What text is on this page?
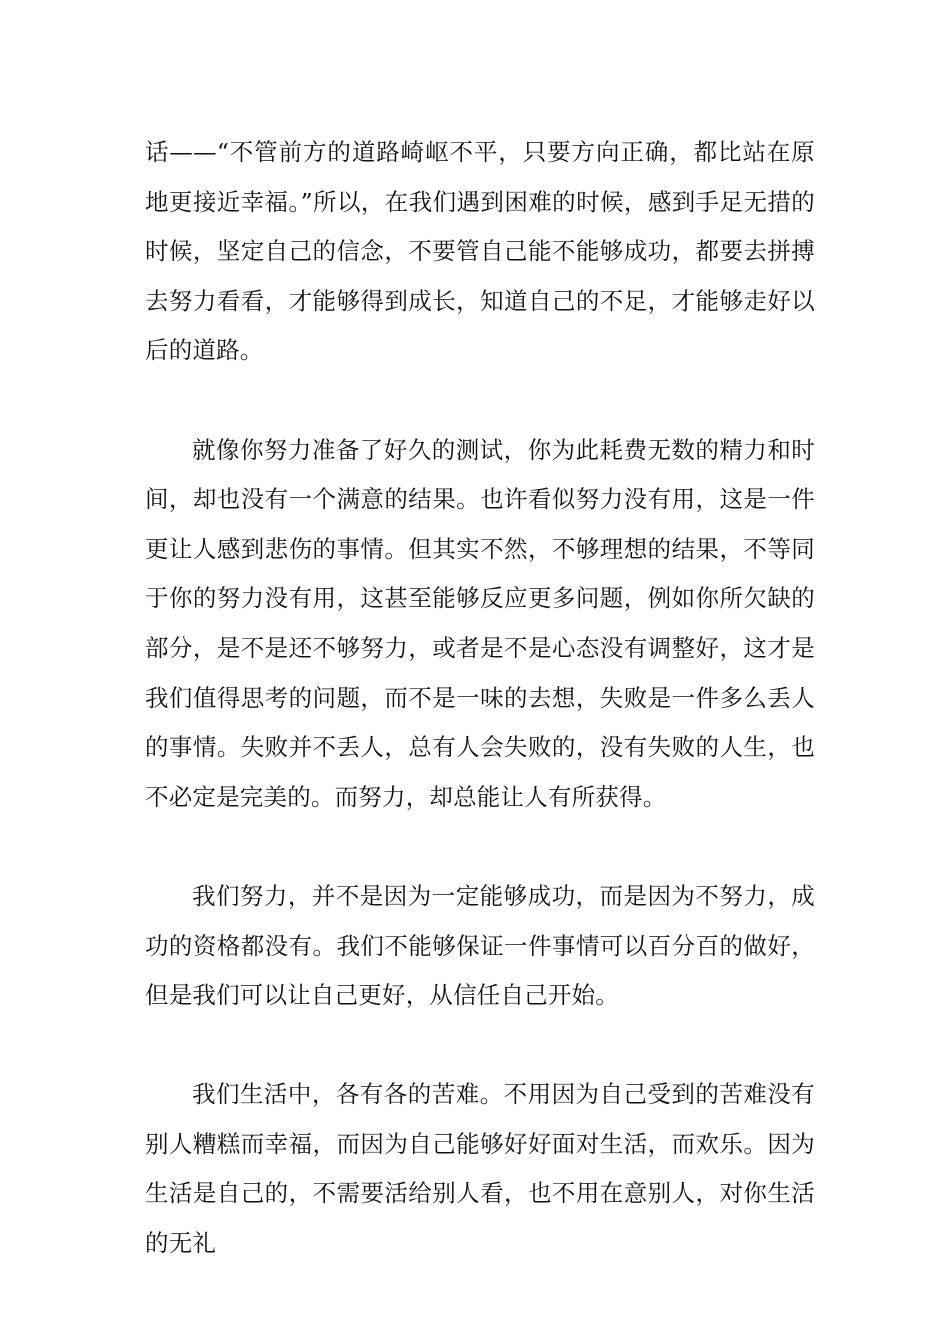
话——“不管前方的道路崎岖不平，只要方向正确，都比站在原地更接近幸福。”所以，在我们遇到困难的时候，感到手足无措的时候，坚定自己的信念，不要管自己能不能够成功，都要去拼搏去努力看看，才能够得到成长，知道自己的不足，才能够走好以后的道路。

就像你努力准备了好久的测试，你为此耗费无数的精力和时间，却也没有一个满意的结果。也许看似努力没有用，这是一件更让人感到悲伤的事情。但其实不然，不够理想的结果，不等同于你的努力没有用，这甚至能够反应更多问题，例如你所欠缺的部分，是不是还不够努力，或者是不是心态没有调整好，这才是我们值得思考的问题，而不是一味的去想，失败是一件多么丢人的事情。失败并不丢人，总有人会失败的，没有失败的人生，也不必定是完美的。而努力，却总能让人有所获得。

我们努力，并不是因为一定能够成功，而是因为不努力，成功的资格都没有。我们不能够保证一件事情可以百分百的做好，但是我们可以让自己更好，从信任自己开始。

我们生活中，各有各的苦难。不用因为自己受到的苦难没有别人糟糕而幸福，而因为自己能够好好面对生活，而欢乐。因为生活是自己的，不需要活给别人看，也不用在意别人，对你生活的无礼
